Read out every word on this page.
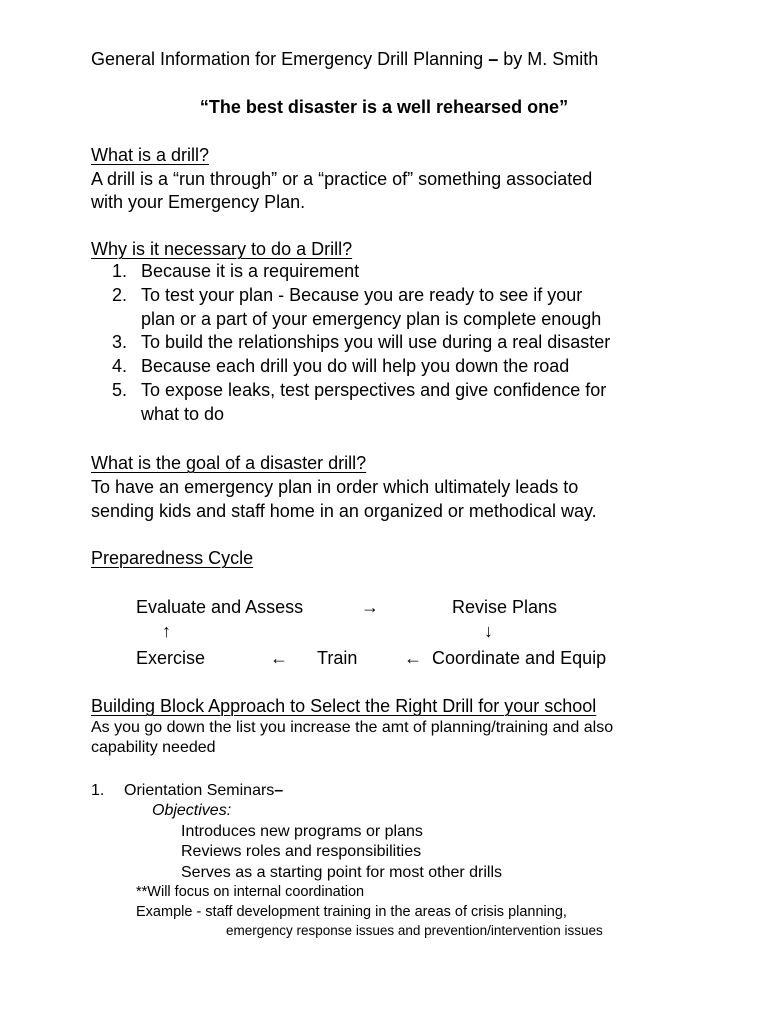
General Information for Emergency Drill Planning – by M. Smith
“The best disaster is a well rehearsed one”
What is a drill?
A drill is a “run through” or a “practice of” something associated
with your Emergency Plan.
Why is it necessary to do a Drill?
1. Because it is a requirement
2. To test your plan - Because you are ready to see if your
plan or a part of your emergency plan is complete enough
3. To build the relationships you will use during a real disaster
4. Because each drill you do will help you down the road
5. To expose leaks, test perspectives and give confidence for
what to do
What is the goal of a disaster drill?
To have an emergency plan in order which ultimately leads to
sending kids and staff home in an organized or methodical way.
Preparedness Cycle
Evaluate and Assess	→	Revise Plans
↑	↓
Exercise	← Train	← Coordinate and Equip
Building Block Approach to Select the Right Drill for your school
As you go down the list you increase the amt of planning/training and also
capability needed
1. Orientation Seminars–
Objectives:
Introduces new programs or plans
Reviews roles and responsibilities
Serves as a starting point for most other drills
**Will focus on internal coordination
Example - staff development training in the areas of crisis planning,
emergency response issues and prevention/intervention issues
